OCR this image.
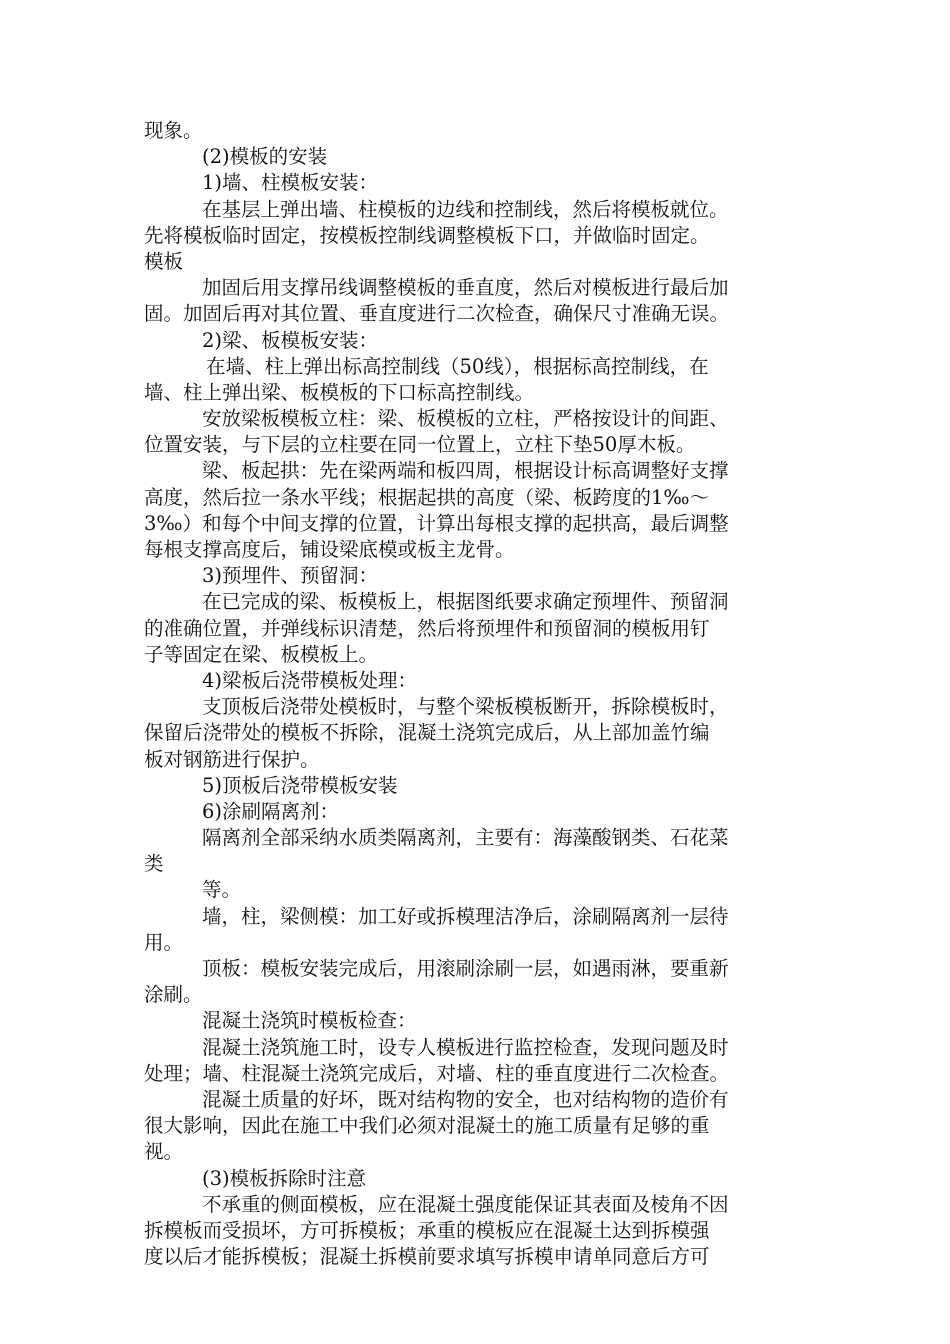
现象。
(2)模板的安装
1)墙、柱模板安装：
在基层上弹出墙、柱模板的边线和控制线，然后将模板就位。
先将模板临时固定，按模板控制线调整模板下口，并做临时固定。
模板
加固后用支撑吊线调整模板的垂直度，然后对模板进行最后加
固。加固后再对其位置、垂直度进行二次检查，确保尺寸准确无误。
2)梁、板模板安装：
在墙、柱上弹出标高控制线（50线），根据标高控制线，在
墙、柱上弹出梁、板模板的下口标高控制线。
安放梁板模板立柱：梁、板模板的立柱，严格按设计的间距、
位置安装，与下层的立柱要在同一位置上，立柱下垫50厚木板。
梁、板起拱：先在梁两端和板四周，根据设计标高调整好支撑
高度，然后拉一条水平线；根据起拱的高度（梁、板跨度的1‰～
3‰）和每个中间支撑的位置，计算出每根支撑的起拱高，最后调整
每根支撑高度后，铺设梁底模或板主龙骨。
3)预埋件、预留洞：
在已完成的梁、板模板上，根据图纸要求确定预埋件、预留洞
的准确位置，并弹线标识清楚，然后将预埋件和预留洞的模板用钉
子等固定在梁、板模板上。
4)梁板后浇带模板处理：
支顶板后浇带处模板时，与整个梁板模板断开，拆除模板时，
保留后浇带处的模板不拆除，混凝土浇筑完成后，从上部加盖竹编
板对钢筋进行保护。
5)顶板后浇带模板安装
6)涂刷隔离剂：
隔离剂全部采纳水质类隔离剂，主要有：海藻酸钢类、石花菜
类
等。
墙，柱，梁侧模：加工好或拆模理洁净后，涂刷隔离剂一层待
用。
顶板：模板安装完成后，用滚刷涂刷一层，如遇雨淋，要重新
涂刷。
混凝土浇筑时模板检查：
混凝土浇筑施工时，设专人模板进行监控检查，发现问题及时
处理；墙、柱混凝土浇筑完成后，对墙、柱的垂直度进行二次检查。
混凝土质量的好坏，既对结构物的安全，也对结构物的造价有
很大影响，因此在施工中我们必须对混凝土的施工质量有足够的重
视。
(3)模板拆除时注意
不承重的侧面模板，应在混凝土强度能保证其表面及棱角不因
拆模板而受损坏，方可拆模板；承重的模板应在混凝土达到拆模强
度以后才能拆模板；混凝土拆模前要求填写拆模申请单同意后方可
